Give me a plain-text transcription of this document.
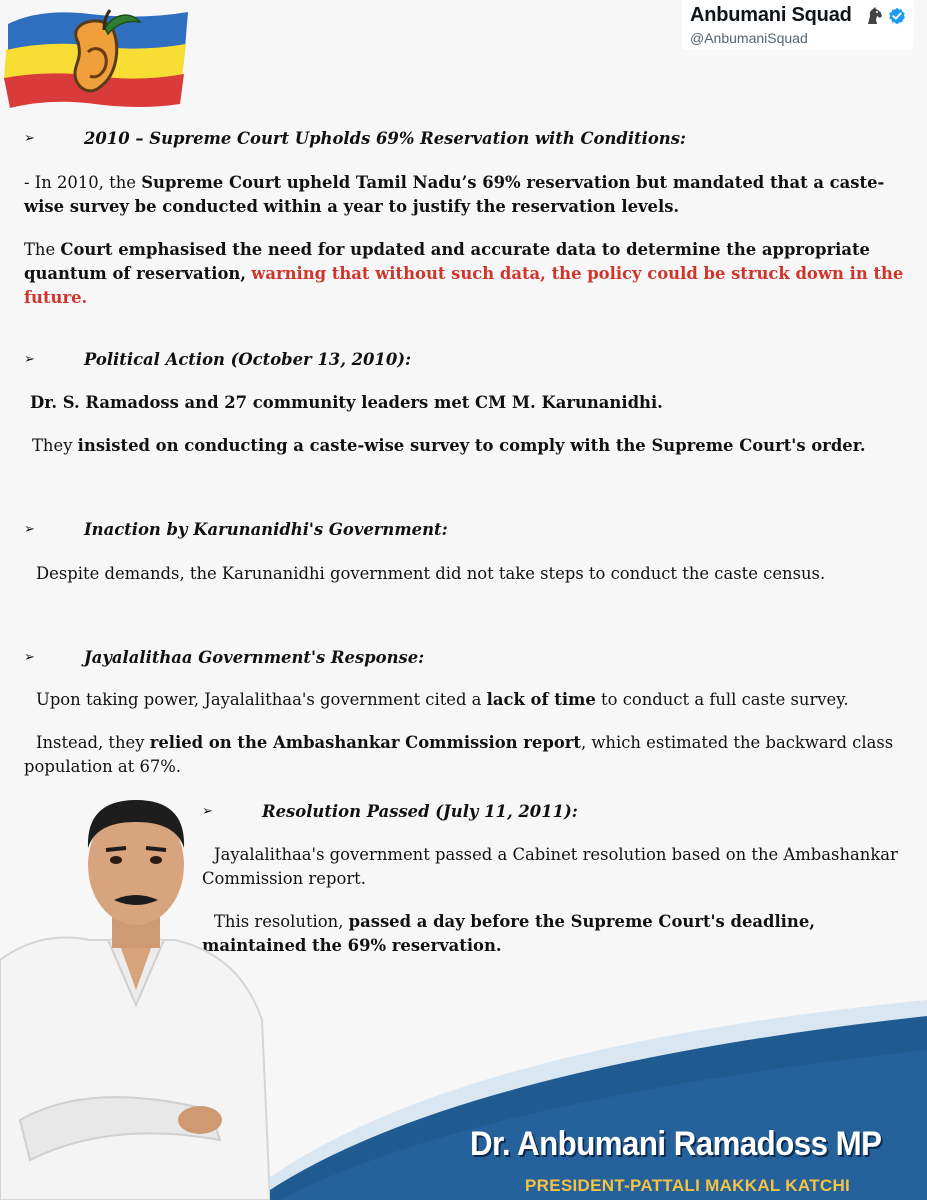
Anbumani Squad
@AnbumaniSquad
➢	2010 – Supreme Court Upholds 69% Reservation with Conditions:

- In 2010, the Supreme Court upheld Tamil Nadu’s 69% reservation but mandated that a caste-wise survey be conducted within a year to justify the reservation levels.

The Court emphasised the need for updated and accurate data to determine the appropriate quantum of reservation, warning that without such data, the policy could be struck down in the future.

➢	Political Action (October 13, 2010):

Dr. S. Ramadoss and 27 community leaders met CM M. Karunanidhi.

They insisted on conducting a caste-wise survey to comply with the Supreme Court's order.

➢	Inaction by Karunanidhi's Government:

Despite demands, the Karunanidhi government did not take steps to conduct the caste census.

➢	Jayalalithaa Government's Response:

Upon taking power, Jayalalithaa's government cited a lack of time to conduct a full caste survey.

Instead, they relied on the Ambashankar Commission report, which estimated the backward class population at 67%.

➢	Resolution Passed (July 11, 2011):

Jayalalithaa's government passed a Cabinet resolution based on the Ambashankar Commission report.

This resolution, passed a day before the Supreme Court's deadline, maintained the 69% reservation.

Dr. Anbumani Ramadoss MP
PRESIDENT-PATTALI MAKKAL KATCHI
